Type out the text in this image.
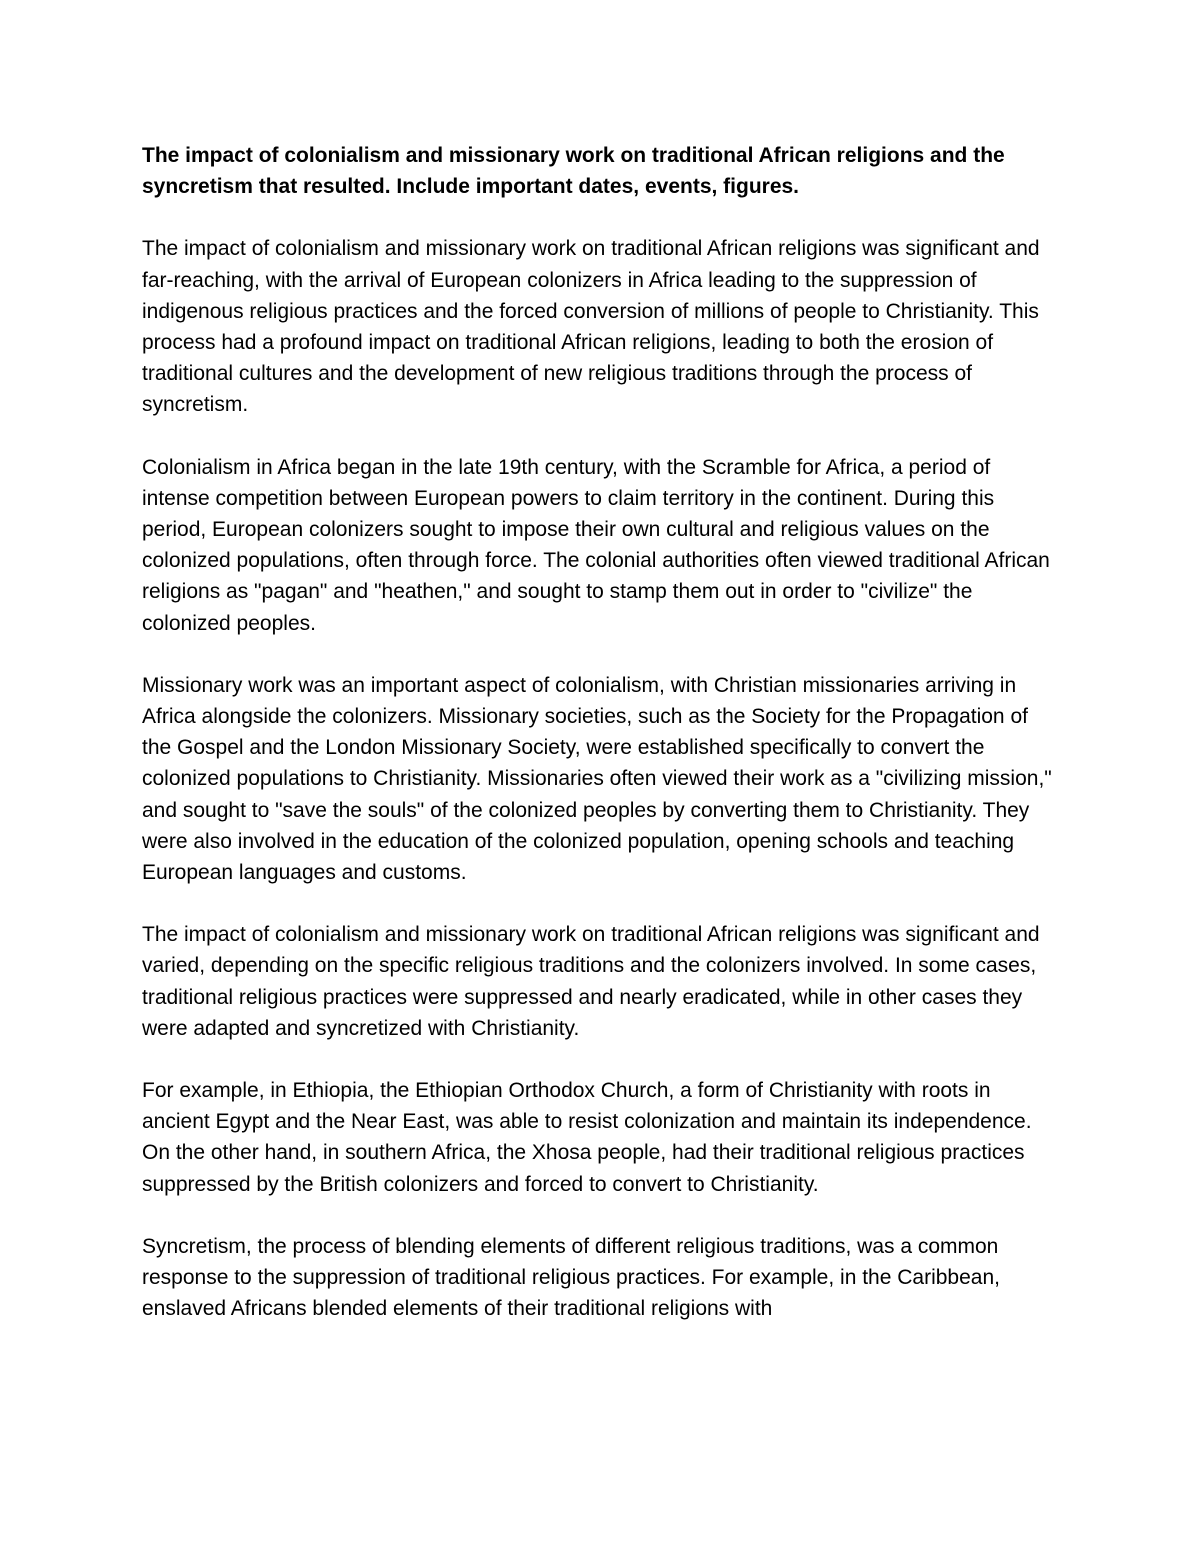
The impact of colonialism and missionary work on traditional African religions and the syncretism that resulted. Include important dates, events, figures.

The impact of colonialism and missionary work on traditional African religions was significant and far-reaching, with the arrival of European colonizers in Africa leading to the suppression of indigenous religious practices and the forced conversion of millions of people to Christianity. This process had a profound impact on traditional African religions, leading to both the erosion of traditional cultures and the development of new religious traditions through the process of syncretism.

Colonialism in Africa began in the late 19th century, with the Scramble for Africa, a period of intense competition between European powers to claim territory in the continent. During this period, European colonizers sought to impose their own cultural and religious values on the colonized populations, often through force. The colonial authorities often viewed traditional African religions as "pagan" and "heathen," and sought to stamp them out in order to "civilize" the colonized peoples.

Missionary work was an important aspect of colonialism, with Christian missionaries arriving in Africa alongside the colonizers. Missionary societies, such as the Society for the Propagation of the Gospel and the London Missionary Society, were established specifically to convert the colonized populations to Christianity. Missionaries often viewed their work as a "civilizing mission," and sought to "save the souls" of the colonized peoples by converting them to Christianity. They were also involved in the education of the colonized population, opening schools and teaching European languages and customs.

The impact of colonialism and missionary work on traditional African religions was significant and varied, depending on the specific religious traditions and the colonizers involved. In some cases, traditional religious practices were suppressed and nearly eradicated, while in other cases they were adapted and syncretized with Christianity.

For example, in Ethiopia, the Ethiopian Orthodox Church, a form of Christianity with roots in ancient Egypt and the Near East, was able to resist colonization and maintain its independence. On the other hand, in southern Africa, the Xhosa people, had their traditional religious practices suppressed by the British colonizers and forced to convert to Christianity.

Syncretism, the process of blending elements of different religious traditions, was a common response to the suppression of traditional religious practices. For example, in the Caribbean, enslaved Africans blended elements of their traditional religions with
